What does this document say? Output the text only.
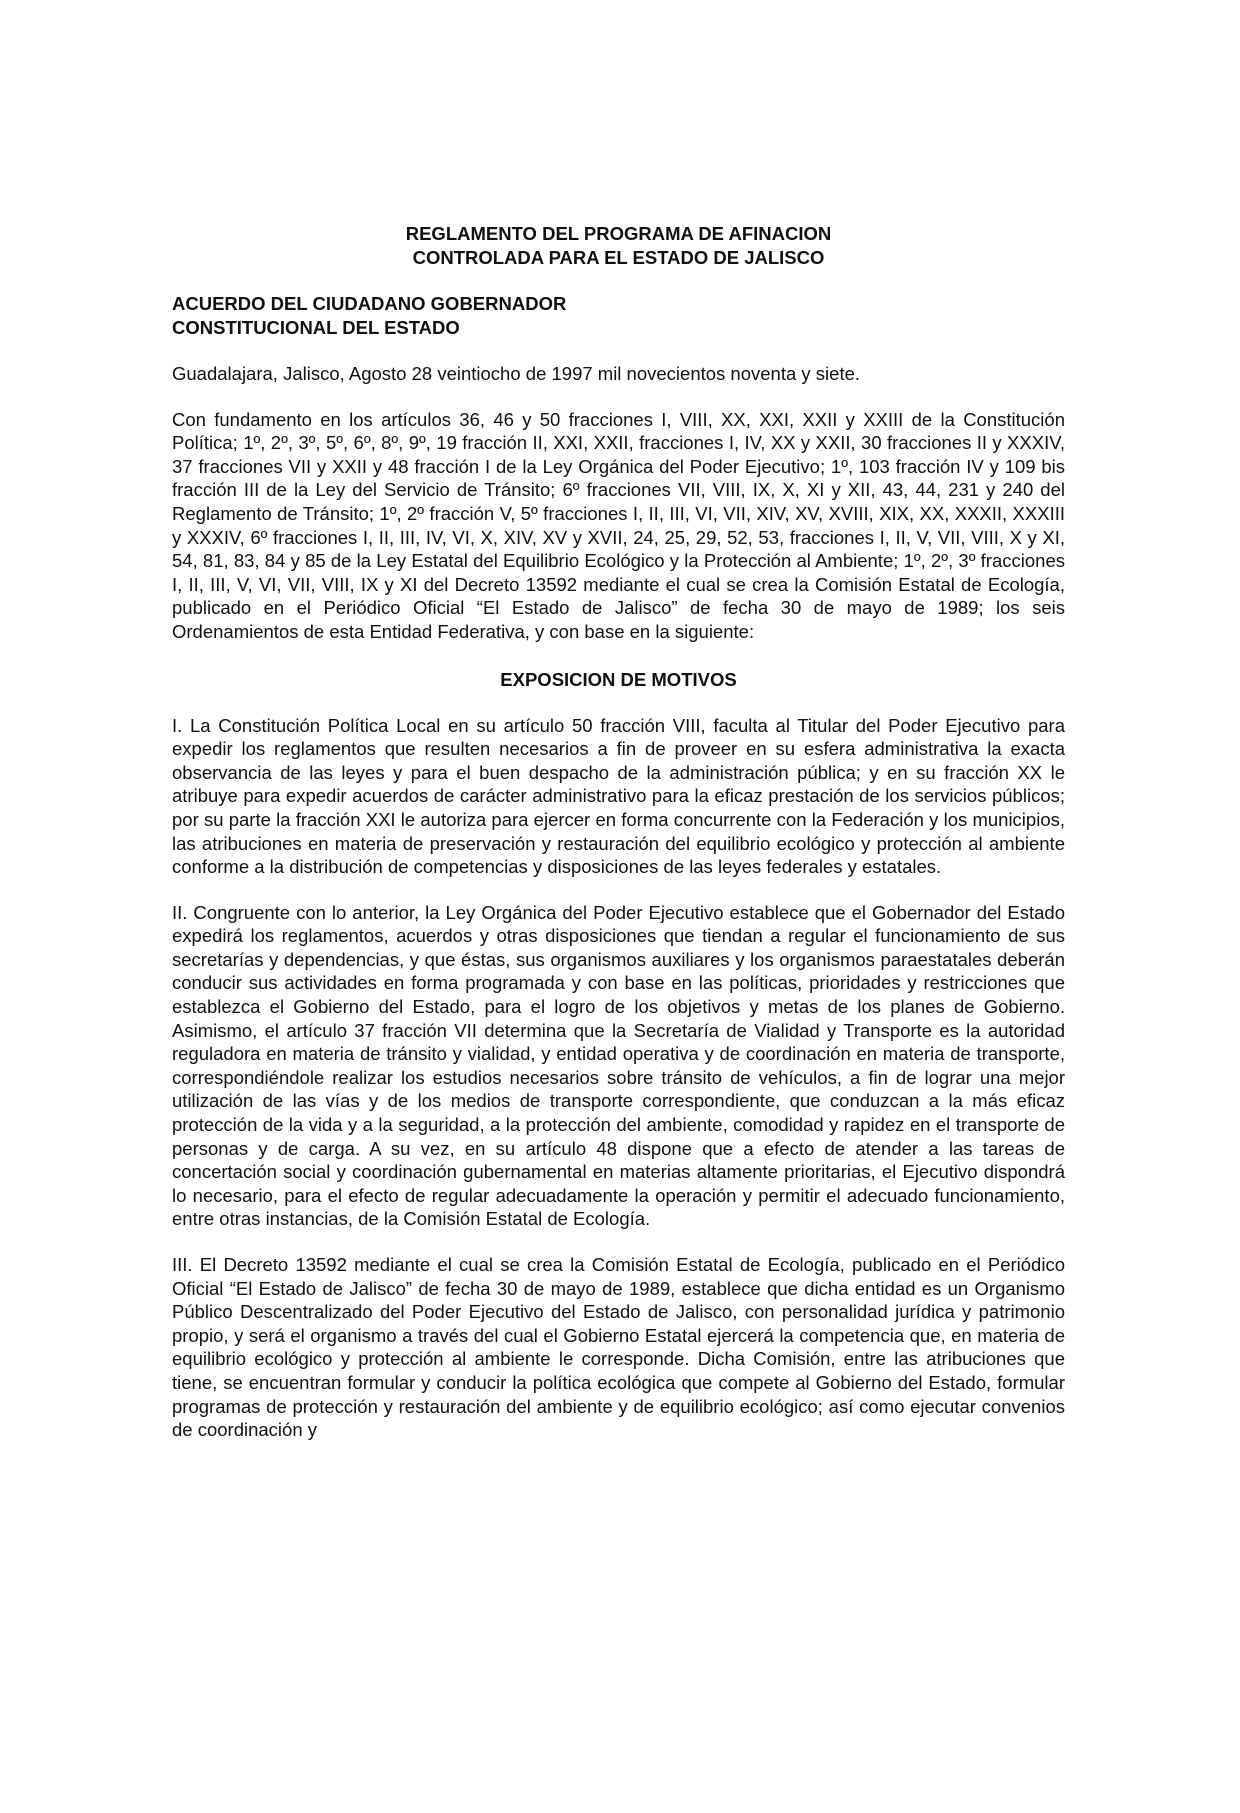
REGLAMENTO DEL PROGRAMA DE AFINACION
CONTROLADA PARA EL ESTADO DE JALISCO
ACUERDO DEL CIUDADANO GOBERNADOR
CONSTITUCIONAL DEL ESTADO

Guadalajara, Jalisco, Agosto 28 veintiocho de 1997 mil novecientos noventa y siete.

Con fundamento en los artículos 36, 46 y 50 fracciones I, VIII, XX, XXI, XXII y XXIII de la Constitución Política; 1º, 2º, 3º, 5º, 6º, 8º, 9º, 19 fracción II, XXI, XXII, fracciones I, IV, XX y XXII, 30 fracciones II y XXXIV, 37 fracciones VII y XXII y 48 fracción I de la Ley Orgánica del Poder Ejecutivo; 1º, 103 fracción IV y 109 bis fracción III de la Ley del Servicio de Tránsito; 6º fracciones VII, VIII, IX, X, XI y XII, 43, 44, 231 y 240 del Reglamento de Tránsito; 1º, 2º fracción V, 5º fracciones I, II, III, VI, VII, XIV, XV, XVIII, XIX, XX, XXXII, XXXIII y XXXIV, 6º fracciones I, II, III, IV, VI, X, XIV, XV y XVII, 24, 25, 29, 52, 53, fracciones I, II, V, VII, VIII, X y XI, 54, 81, 83, 84 y 85 de la Ley Estatal del Equilibrio Ecológico y la Protección al Ambiente; 1º, 2º, 3º fracciones I, II, III, V, VI, VII, VIII, IX y XI del Decreto 13592 mediante el cual se crea la Comisión Estatal de Ecología, publicado en el Periódico Oficial “El Estado de Jalisco” de fecha 30 de mayo de 1989; los seis Ordenamientos de esta Entidad Federativa, y con base en la siguiente:

EXPOSICION DE MOTIVOS

I. La Constitución Política Local en su artículo 50 fracción VIII, faculta al Titular del Poder Ejecutivo para expedir los reglamentos que resulten necesarios a fin de proveer en su esfera administrativa la exacta observancia de las leyes y para el buen despacho de la administración pública; y en su fracción XX le atribuye para expedir acuerdos de carácter administrativo para la eficaz prestación de los servicios públicos; por su parte la fracción XXI le autoriza para ejercer en forma concurrente con la Federación y los municipios, las atribuciones en materia de preservación y restauración del equilibrio ecológico y protección al ambiente conforme a la distribución de competencias y disposiciones de las leyes federales y estatales.

II. Congruente con lo anterior, la Ley Orgánica del Poder Ejecutivo establece que el Gobernador del Estado expedirá los reglamentos, acuerdos y otras disposiciones que tiendan a regular el funcionamiento de sus secretarías y dependencias, y que éstas, sus organismos auxiliares y los organismos paraestatales deberán conducir sus actividades en forma programada y con base en las políticas, prioridades y restricciones que establezca el Gobierno del Estado, para el logro de los objetivos y metas de los planes de Gobierno. Asimismo, el artículo 37 fracción VII determina que la Secretaría de Vialidad y Transporte es la autoridad reguladora en materia de tránsito y vialidad, y entidad operativa y de coordinación en materia de transporte, correspondiéndole realizar los estudios necesarios sobre tránsito de vehículos, a fin de lograr una mejor utilización de las vías y de los medios de transporte correspondiente, que conduzcan a la más eficaz protección de la vida y a la seguridad, a la protección del ambiente, comodidad y rapidez en el transporte de personas y de carga. A su vez, en su artículo 48 dispone que a efecto de atender a las tareas de concertación social y coordinación gubernamental en materias altamente prioritarias, el Ejecutivo dispondrá lo necesario, para el efecto de regular adecuadamente la operación y permitir el adecuado funcionamiento, entre otras instancias, de la Comisión Estatal de Ecología.

III. El Decreto 13592 mediante el cual se crea la Comisión Estatal de Ecología, publicado en el Periódico Oficial “El Estado de Jalisco” de fecha 30 de mayo de 1989, establece que dicha entidad es un Organismo Público Descentralizado del Poder Ejecutivo del Estado de Jalisco, con personalidad jurídica y patrimonio propio, y será el organismo a través del cual el Gobierno Estatal ejercerá la competencia que, en materia de equilibrio ecológico y protección al ambiente le corresponde. Dicha Comisión, entre las atribuciones que tiene, se encuentran formular y conducir la política ecológica que compete al Gobierno del Estado, formular programas de protección y restauración del ambiente y de equilibrio ecológico; así como ejecutar convenios de coordinación y
